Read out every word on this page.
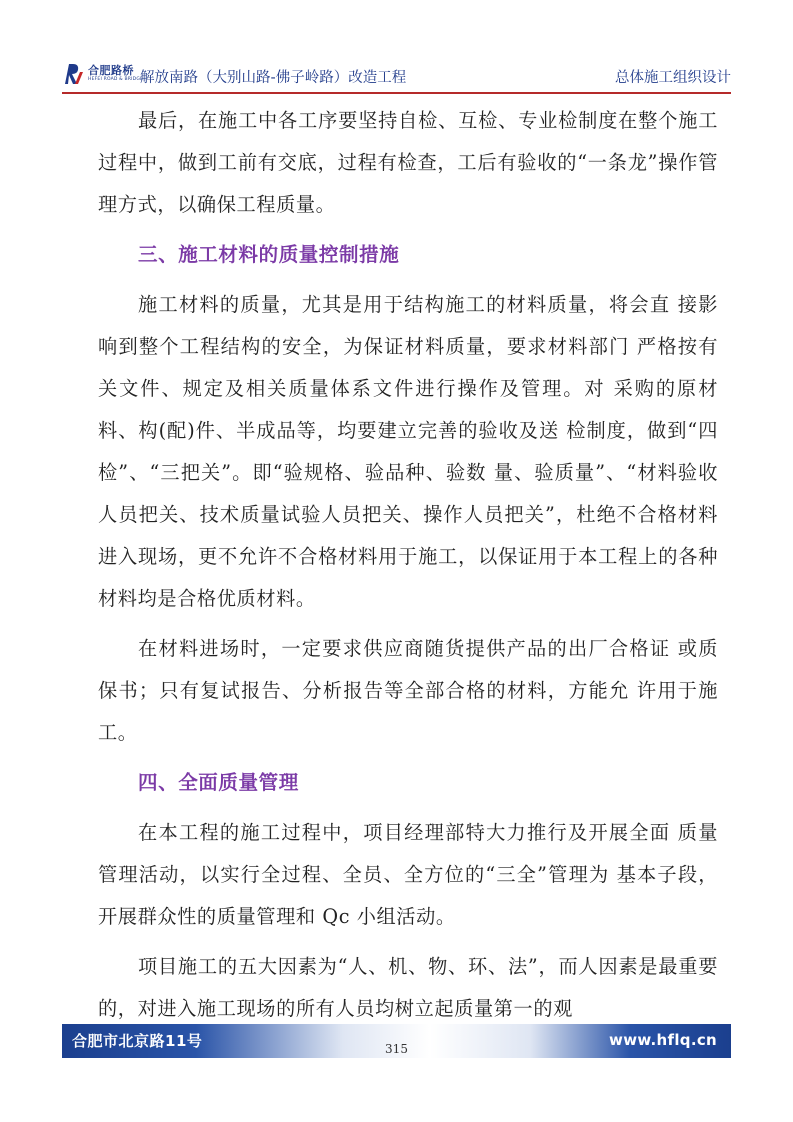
合肥路桥
HEFEI ROAD & BRIDGE
解放南路（大别山路-佛子岭路）改造工程	总体施工组织设计

最后，在施工中各工序要坚持自检、互检、专业检制度在整个施工过程中，做到工前有交底，过程有检查，工后有验收的“一条龙”操作管理方式，以确保工程质量。

三、施工材料的质量控制措施

施工材料的质量，尤其是用于结构施工的材料质量，将会直 接影响到整个工程结构的安全，为保证材料质量，要求材料部门 严格按有关文件、规定及相关质量体系文件进行操作及管理。对 采购的原材料、构(配)件、半成品等，均要建立完善的验收及送 检制度，做到“四检”、“三把关”。即“验规格、验品种、验数 量、验质量”、“材料验收人员把关、技术质量试验人员把关、操作人员把关”，杜绝不合格材料进入现场，更不允许不合格材料用于施工，以保证用于本工程上的各种材料均是合格优质材料。

在材料进场时，一定要求供应商随货提供产品的出厂合格证 或质保书；只有复试报告、分析报告等全部合格的材料，方能允 许用于施工。

四、全面质量管理

在本工程的施工过程中，项目经理部特大力推行及开展全面 质量管理活动，以实行全过程、全员、全方位的“三全”管理为 基本子段，开展群众性的质量管理和 Qc 小组活动。

项目施工的五大因素为“人、机、物、环、法”，而人因素是最重要的，对进入施工现场的所有人员均树立起质量第一的观

合肥市北京路11号	www.hflq.cn
315
